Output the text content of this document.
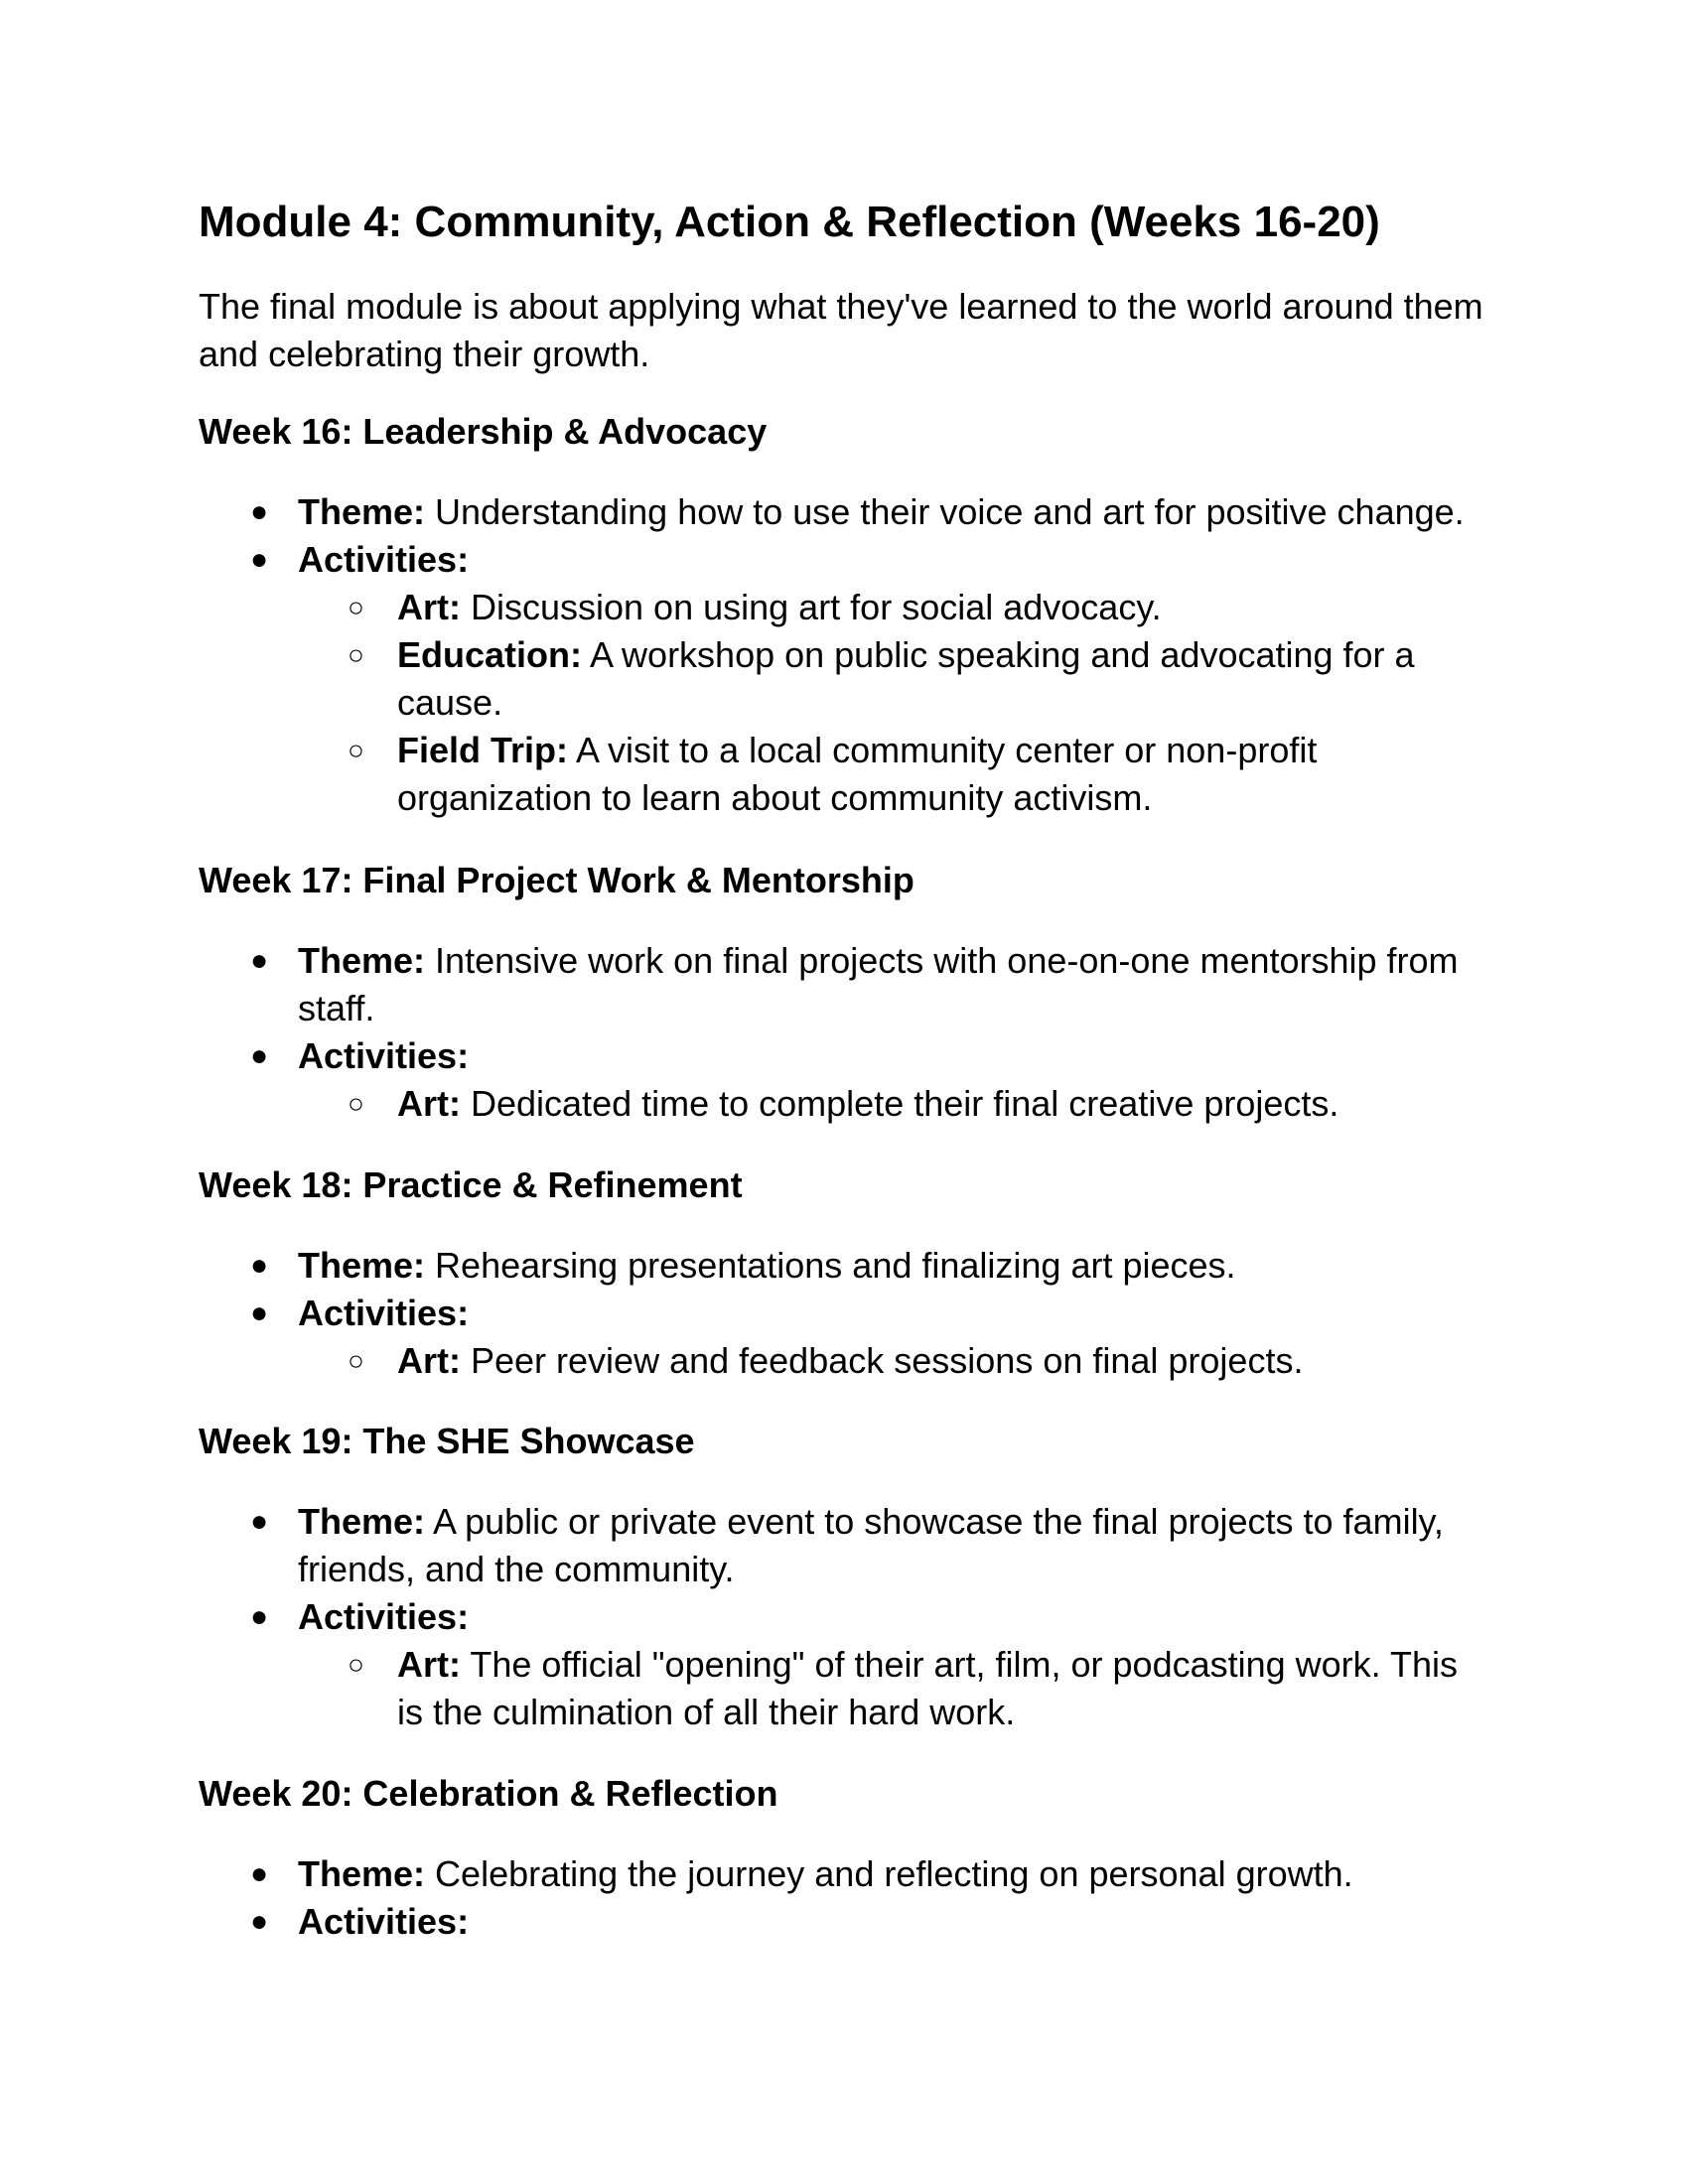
Module 4: Community, Action & Reflection (Weeks 16-20)

The final module is about applying what they've learned to the world around them and celebrating their growth.

Week 16: Leadership & Advocacy
● Theme: Understanding how to use their voice and art for positive change.
● Activities:
○ Art: Discussion on using art for social advocacy.
○ Education: A workshop on public speaking and advocating for a cause.
○ Field Trip: A visit to a local community center or non-profit organization to learn about community activism.
Week 17: Final Project Work & Mentorship
● Theme: Intensive work on final projects with one-on-one mentorship from staff.
● Activities:
○ Art: Dedicated time to complete their final creative projects.
Week 18: Practice & Refinement
● Theme: Rehearsing presentations and finalizing art pieces.
● Activities:
○ Art: Peer review and feedback sessions on final projects.
Week 19: The SHE Showcase
● Theme: A public or private event to showcase the final projects to family, friends, and the community.
● Activities:
○ Art: The official "opening" of their art, film, or podcasting work. This is the culmination of all their hard work.
Week 20: Celebration & Reflection
● Theme: Celebrating the journey and reflecting on personal growth.
● Activities:
